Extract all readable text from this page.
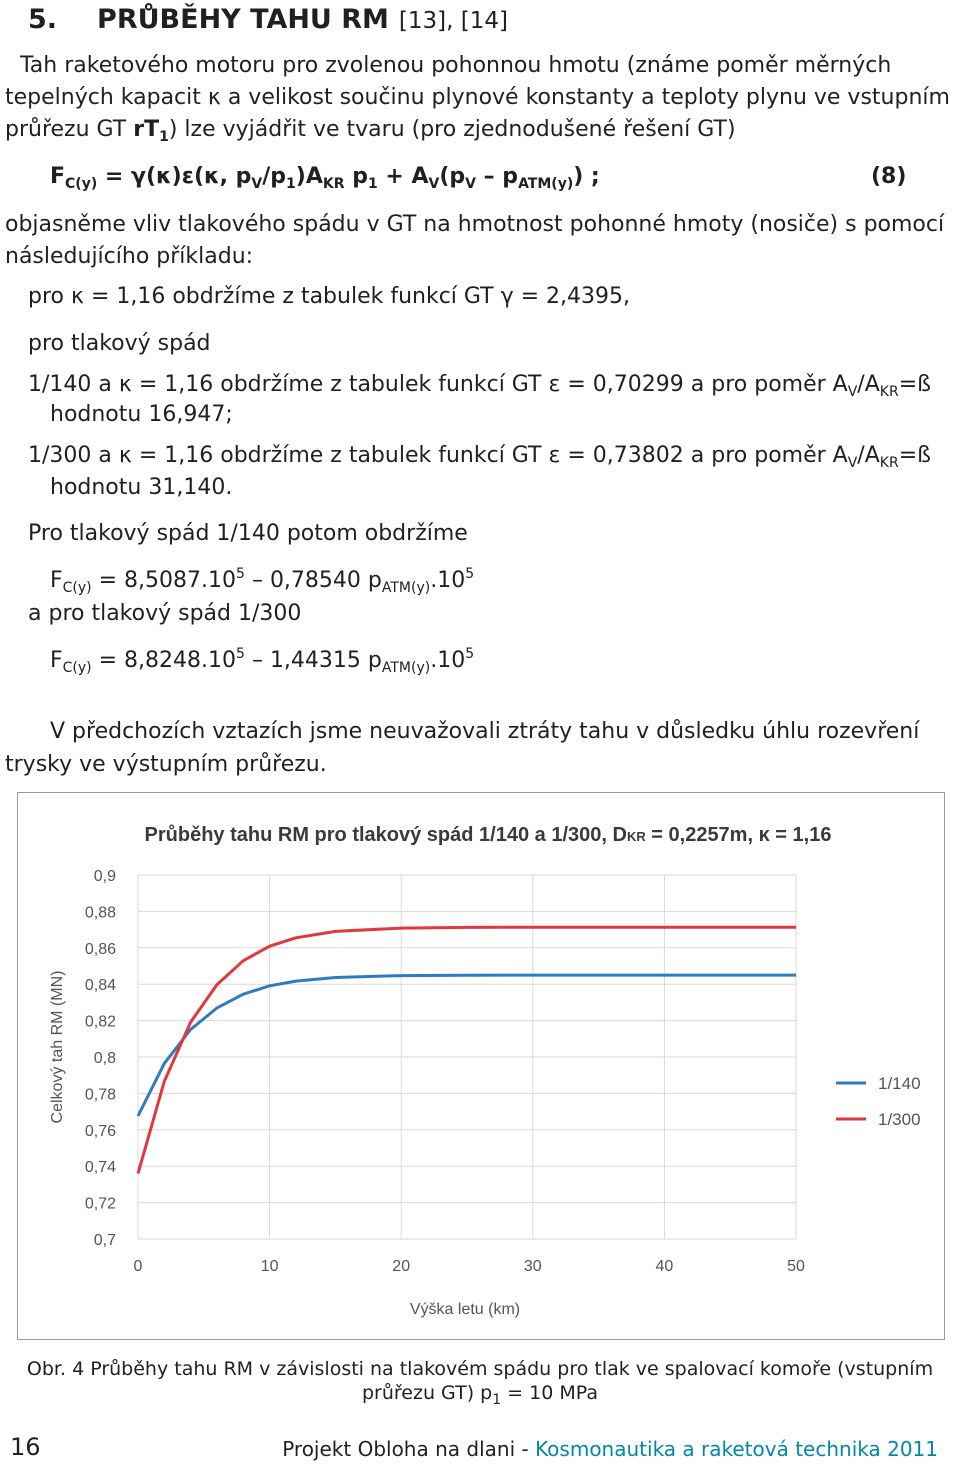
5. PRŮBĚHY TAHU RM [13], [14]
Tah raketového motoru pro zvolenou pohonnou hmotu (známe poměr měrných
tepelných kapacit κ a velikost součinu plynové konstanty a teploty plynu ve vstupním
průřezu GT $rT_1$) lze vyjádřit ve tvaru (pro zjednodušené řešení GT)
$F_{C(y)} = \gamma(\kappa)\varepsilon(\kappa$, $p_V/p_1)A_{KR}$ $p_1 + A_V(p_V - p_{ATM(y)})$ ;	(8)
objasněme vliv tlakového spádu v GT na hmotnost pohonné hmoty (nosiče) s pomocí
následujícího příkladu:
pro κ = 1,16 obdržíme z tabulek funkcí GT γ = 2,4395,
pro tlakový spád
1/140 a κ = 1,16 obdržíme z tabulek funkcí GT ε = 0,70299 a pro poměr $A_V/A_{KR}=ß$
hodnotu 16,947;
1/300 a κ = 1,16 obdržíme z tabulek funkcí GT ε = 0,73802 a pro poměr $A_V/A_{KR}=ß$
hodnotu 31,140.
Pro tlakový spád 1/140 potom obdržíme
$F_{C(y)} = 8,5087.10^5 - 0,78540$ $p_{ATM(y)}.10^5$
a pro tlakový spád 1/300
$F_{C(y)} = 8,8248.10^5 - 1,44315$ $p_{ATM(y)}.10^5$
V předchozích vztazích jsme neuvažovali ztráty tahu v důsledku úhlu rozevření
trysky ve výstupním průřezu.
Průběhy tahu RM pro tlakový spád 1/140 a 1/300, DKR = 0,2257m, κ = 1,16
0,7
0,72
0,74
0,76
0,78
0,8
0,82
0,84
0,86
0,88
0,9
0	10	20	30	40	50
Výška letu (km)
Celkový tah RM (MN)	1/140
1/300
Obr. 4 Průběhy tahu RM v závislosti na tlakovém spádu pro tlak ve spalovací komoře (vstupním
průřezu GT) $p_1 = 10$ MPa
16	Projekt Obloha na dlani - Kosmonautika a raketová technika 2011
